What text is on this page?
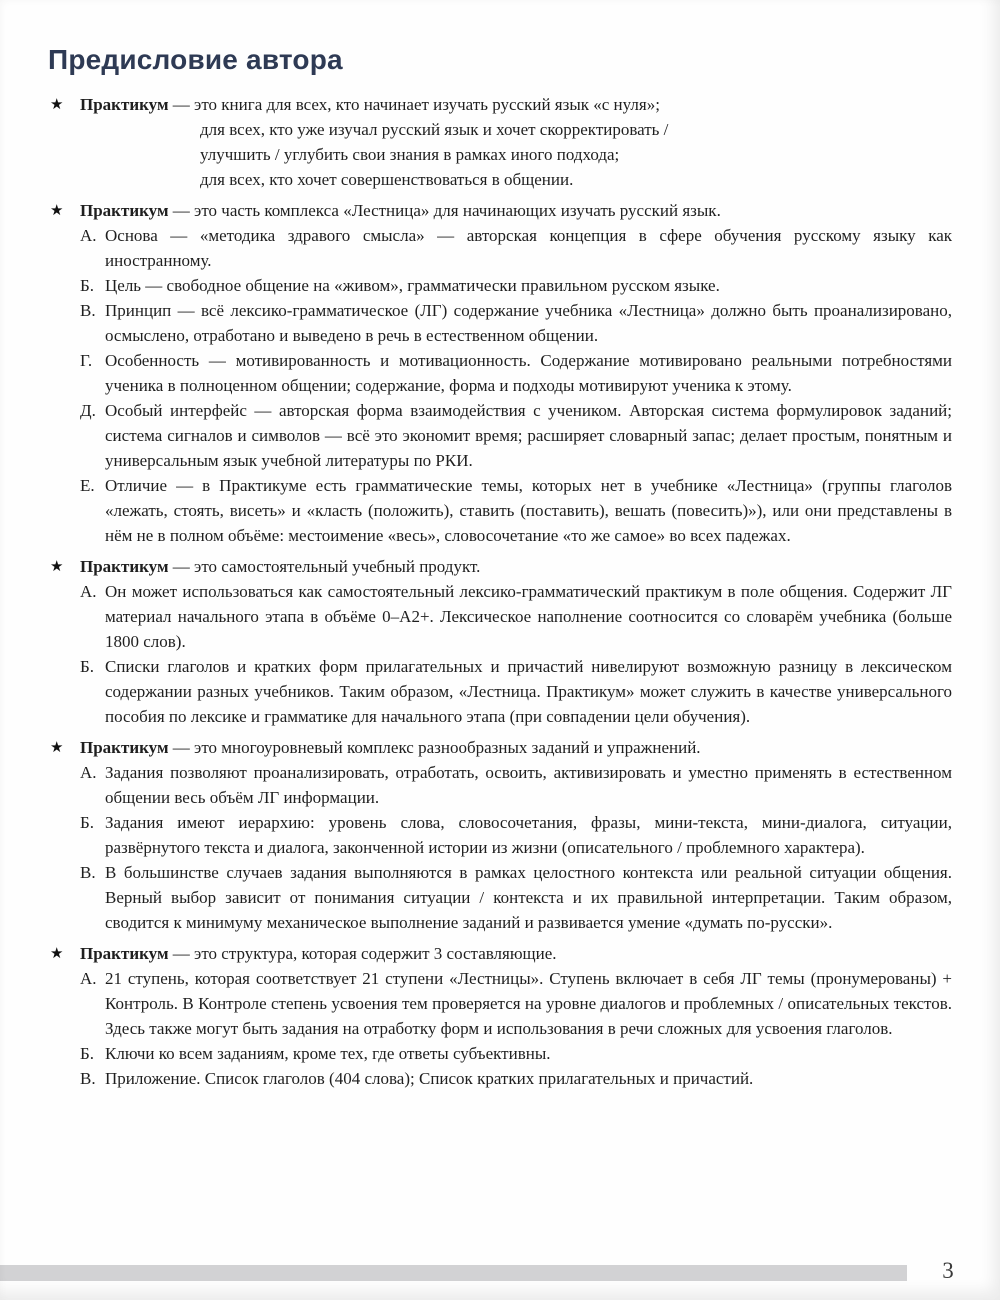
Предисловие автора
★ Практикум — это книга для всех, кто начинает изучать русский язык «с нуля»;
для всех, кто уже изучал русский язык и хочет скорректировать /
улучшить / углубить свои знания в рамках иного подхода;
для всех, кто хочет совершенствоваться в общении.
★ Практикум — это часть комплекса «Лестница» для начинающих изучать русский язык.
А. Основа — «методика здравого смысла» — авторская концепция в сфере обучения русскому языку как иностранному.
Б. Цель — свободное общение на «живом», грамматически правильном русском языке.
В. Принцип — всё лексико-грамматическое (ЛГ) содержание учебника «Лестница» должно быть проанализировано, осмыслено, отработано и выведено в речь в естественном общении.
Г. Особенность — мотивированность и мотивационность. Содержание мотивировано реальными потребностями ученика в полноценном общении; содержание, форма и подходы мотивируют ученика к этому.
Д. Особый интерфейс — авторская форма взаимодействия с учеником. Авторская система формулировок заданий; система сигналов и символов — всё это экономит время; расширяет словарный запас; делает простым, понятным и универсальным язык учебной литературы по РКИ.
Е. Отличие — в Практикуме есть грамматические темы, которых нет в учебнике «Лестница» (группы глаголов «лежать, стоять, висеть» и «класть (положить), ставить (поставить), вешать (повесить)»), или они представлены в нём не в полном объёме: местоимение «весь», словосочетание «то же самое» во всех падежах.
★ Практикум — это самостоятельный учебный продукт.
А. Он может использоваться как самостоятельный лексико-грамматический практикум в поле общения. Содержит ЛГ материал начального этапа в объёме 0–А2+. Лексическое наполнение соотносится со словарём учебника (больше 1800 слов).
Б. Списки глаголов и кратких форм прилагательных и причастий нивелируют возможную разницу в лексическом содержании разных учебников. Таким образом, «Лестница. Практикум» может служить в качестве универсального пособия по лексике и грамматике для начального этапа (при совпадении цели обучения).
★ Практикум — это многоуровневый комплекс разнообразных заданий и упражнений.
А. Задания позволяют проанализировать, отработать, освоить, активизировать и уместно применять в естественном общении весь объём ЛГ информации.
Б. Задания имеют иерархию: уровень слова, словосочетания, фразы, мини-текста, мини-диалога, ситуации, развёрнутого текста и диалога, законченной истории из жизни (описательного / проблемного характера).
В. В большинстве случаев задания выполняются в рамках целостного контекста или реальной ситуации общения. Верный выбор зависит от понимания ситуации / контекста и их правильной интерпретации. Таким образом, сводится к минимуму механическое выполнение заданий и развивается умение «думать по-русски».
★ Практикум — это структура, которая содержит 3 составляющие.
А. 21 ступень, которая соответствует 21 ступени «Лестницы». Ступень включает в себя ЛГ темы (пронумерованы) + Контроль. В Контроле степень усвоения тем проверяется на уровне диалогов и проблемных / описательных текстов. Здесь также могут быть задания на отработку форм и использования в речи сложных для усвоения глаголов.
Б. Ключи ко всем заданиям, кроме тех, где ответы субъективны.
В. Приложение. Список глаголов (404 слова); Список кратких прилагательных и причастий.
3
